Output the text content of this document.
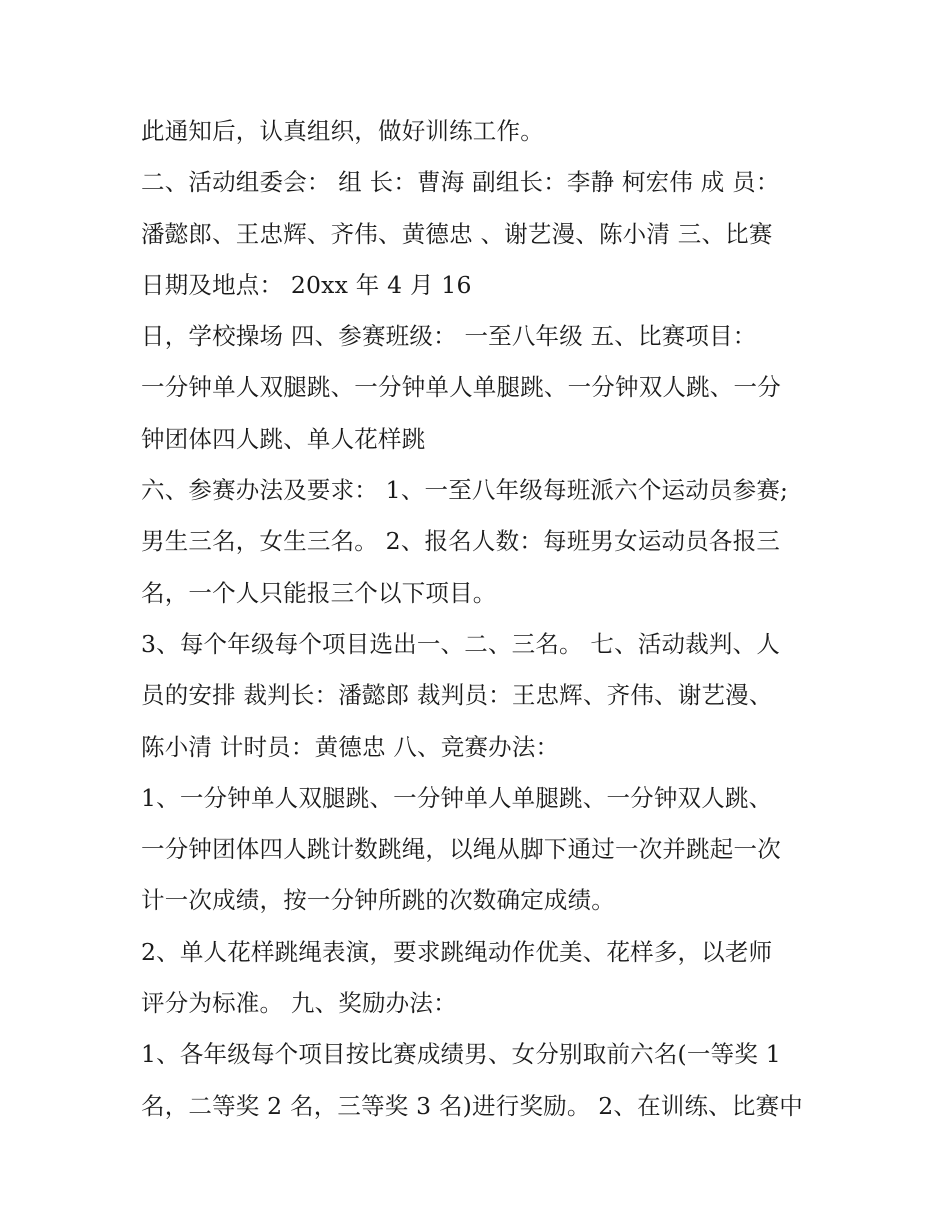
此通知后，认真组织，做好训练工作。
二、活动组委会： 组 长：曹海 副组长：李静 柯宏伟 成 员：
潘懿郎、王忠辉、齐伟、黄德忠 、谢艺漫、陈小清 三、比赛
日期及地点： 20xx 年 4 月 16
日，学校操场 四、参赛班级： 一至八年级 五、比赛项目：
一分钟单人双腿跳、一分钟单人单腿跳、一分钟双人跳、一分
钟团体四人跳、单人花样跳
六、参赛办法及要求： 1、一至八年级每班派六个运动员参赛;
男生三名，女生三名。 2、报名人数：每班男女运动员各报三
名，一个人只能报三个以下项目。
3、每个年级每个项目选出一、二、三名。 七、活动裁判、人
员的安排 裁判长：潘懿郎 裁判员：王忠辉、齐伟、谢艺漫、
陈小清 计时员：黄德忠 八、竞赛办法：
1、一分钟单人双腿跳、一分钟单人单腿跳、一分钟双人跳、
一分钟团体四人跳计数跳绳，以绳从脚下通过一次并跳起一次
计一次成绩，按一分钟所跳的次数确定成绩。
2、单人花样跳绳表演，要求跳绳动作优美、花样多，以老师
评分为标准。 九、奖励办法：
1、各年级每个项目按比赛成绩男、女分别取前六名(一等奖 1
名，二等奖 2 名，三等奖 3 名)进行奖励。 2、在训练、比赛中
